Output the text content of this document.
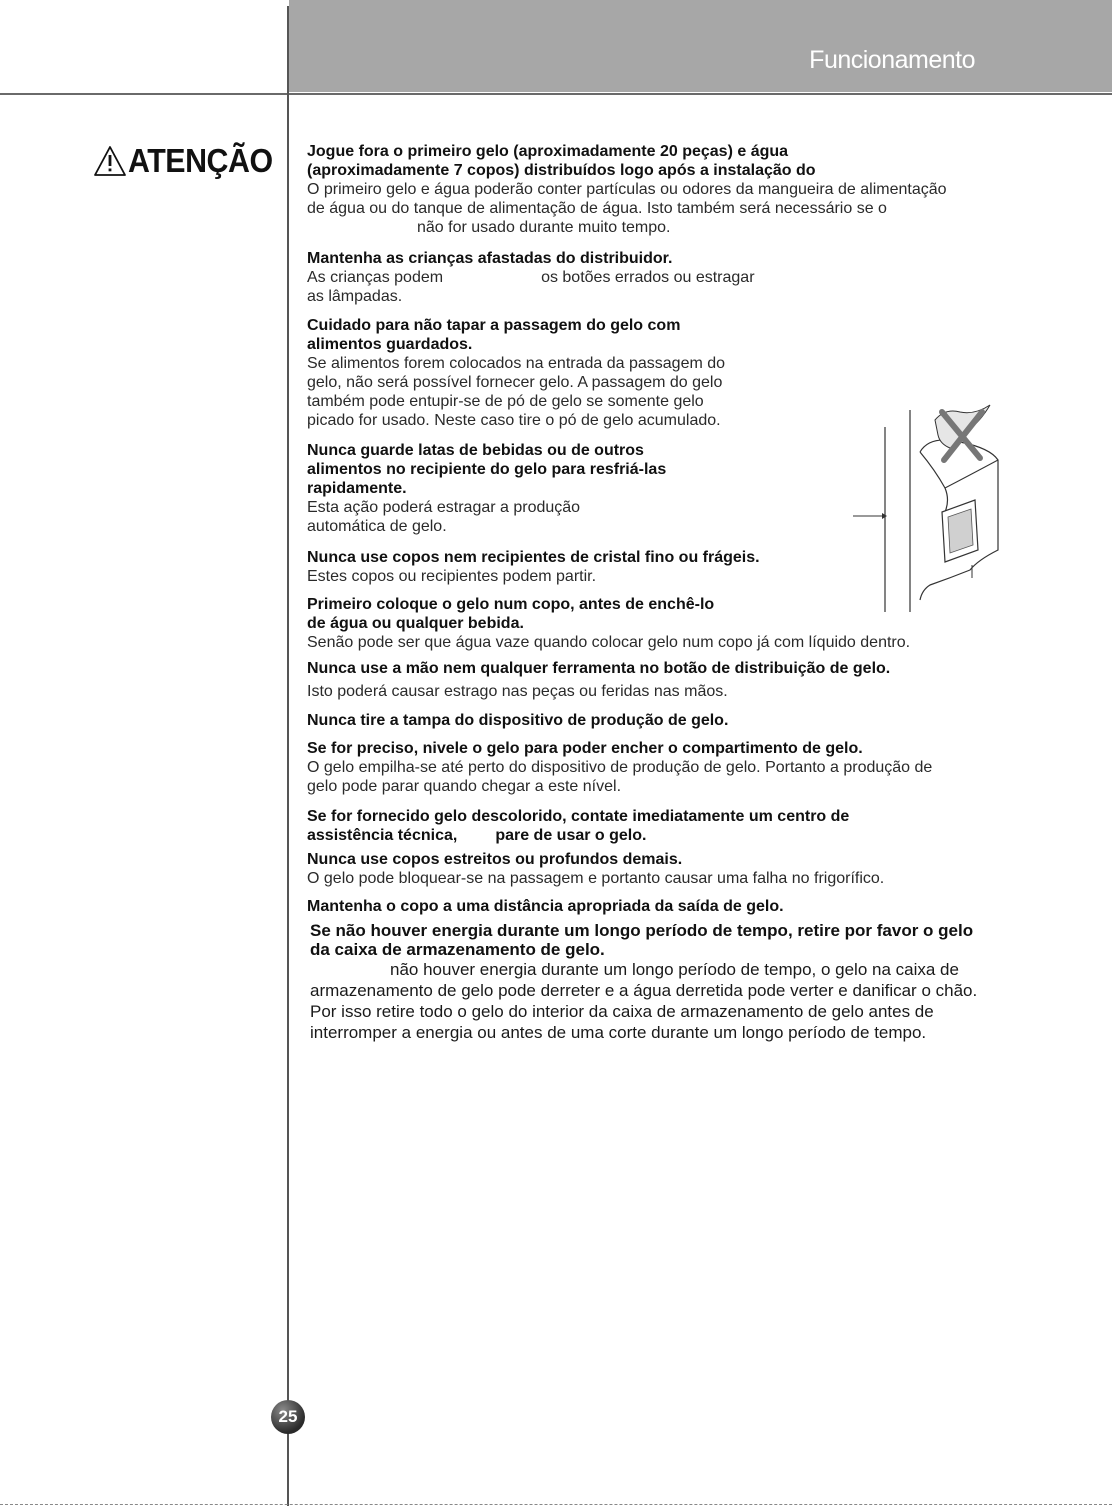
Funcionamento
ATENÇÃO Jogue fora o primeiro gelo (aproximadamente 20 peças) e água
(aproximadamente 7 copos) distribuídos logo após a instalação do
O primeiro gelo e água poderão conter partículas ou odores da mangueira de alimentação
de água ou do tanque de alimentação de água. Isto também será necessário se o
não for usado durante muito tempo.
Mantenha as crianças afastadas do distribuidor.
As crianças podem	os botões errados ou estragar
as lâmpadas.
Cuidado para não tapar a passagem do gelo com
alimentos guardados.
Se alimentos forem colocados na entrada da passagem do
gelo, não será possível fornecer gelo. A passagem do gelo
também pode entupir-se de pó de gelo se somente gelo
picado for usado. Neste caso tire o pó de gelo acumulado.
Nunca guarde latas de bebidas ou de outros
alimentos no recipiente do gelo para resfriá-las
rapidamente.
Esta ação poderá estragar a produção
automática de gelo.
Nunca use copos nem recipientes de cristal fino ou frágeis.
Estes copos ou recipientes podem partir.
Primeiro coloque o gelo num copo, antes de enchê-lo
de água ou qualquer bebida.
Senão pode ser que água vaze quando colocar gelo num copo já com líquido dentro.
Nunca use a mão nem qualquer ferramenta no botão de distribuição de gelo.
Isto poderá causar estrago nas peças ou feridas nas mãos.
Nunca tire a tampa do dispositivo de produção de gelo.
Se for preciso, nivele o gelo para poder encher o compartimento de gelo.
O gelo empilha-se até perto do dispositivo de produção de gelo. Portanto a produção de
gelo pode parar quando chegar a este nível.
Se for fornecido gelo descolorido, contate imediatamente um centro de
assistência técnica, pare de usar o gelo.
Nunca use copos estreitos ou profundos demais.
O gelo pode bloquear-se na passagem e portanto causar uma falha no frigorífico.
Mantenha o copo a uma distância apropriada da saída de gelo.
Se não houver energia durante um longo período de tempo, retire por favor o gelo
da caixa de armazenamento de gelo.
não houver energia durante um longo período de tempo, o gelo na caixa de
armazenamento de gelo pode derreter e a água derretida pode verter e danificar o chão.
Por isso retire todo o gelo do interior da caixa de armazenamento de gelo antes de
interromper a energia ou antes de uma corte durante um longo período de tempo.
25
